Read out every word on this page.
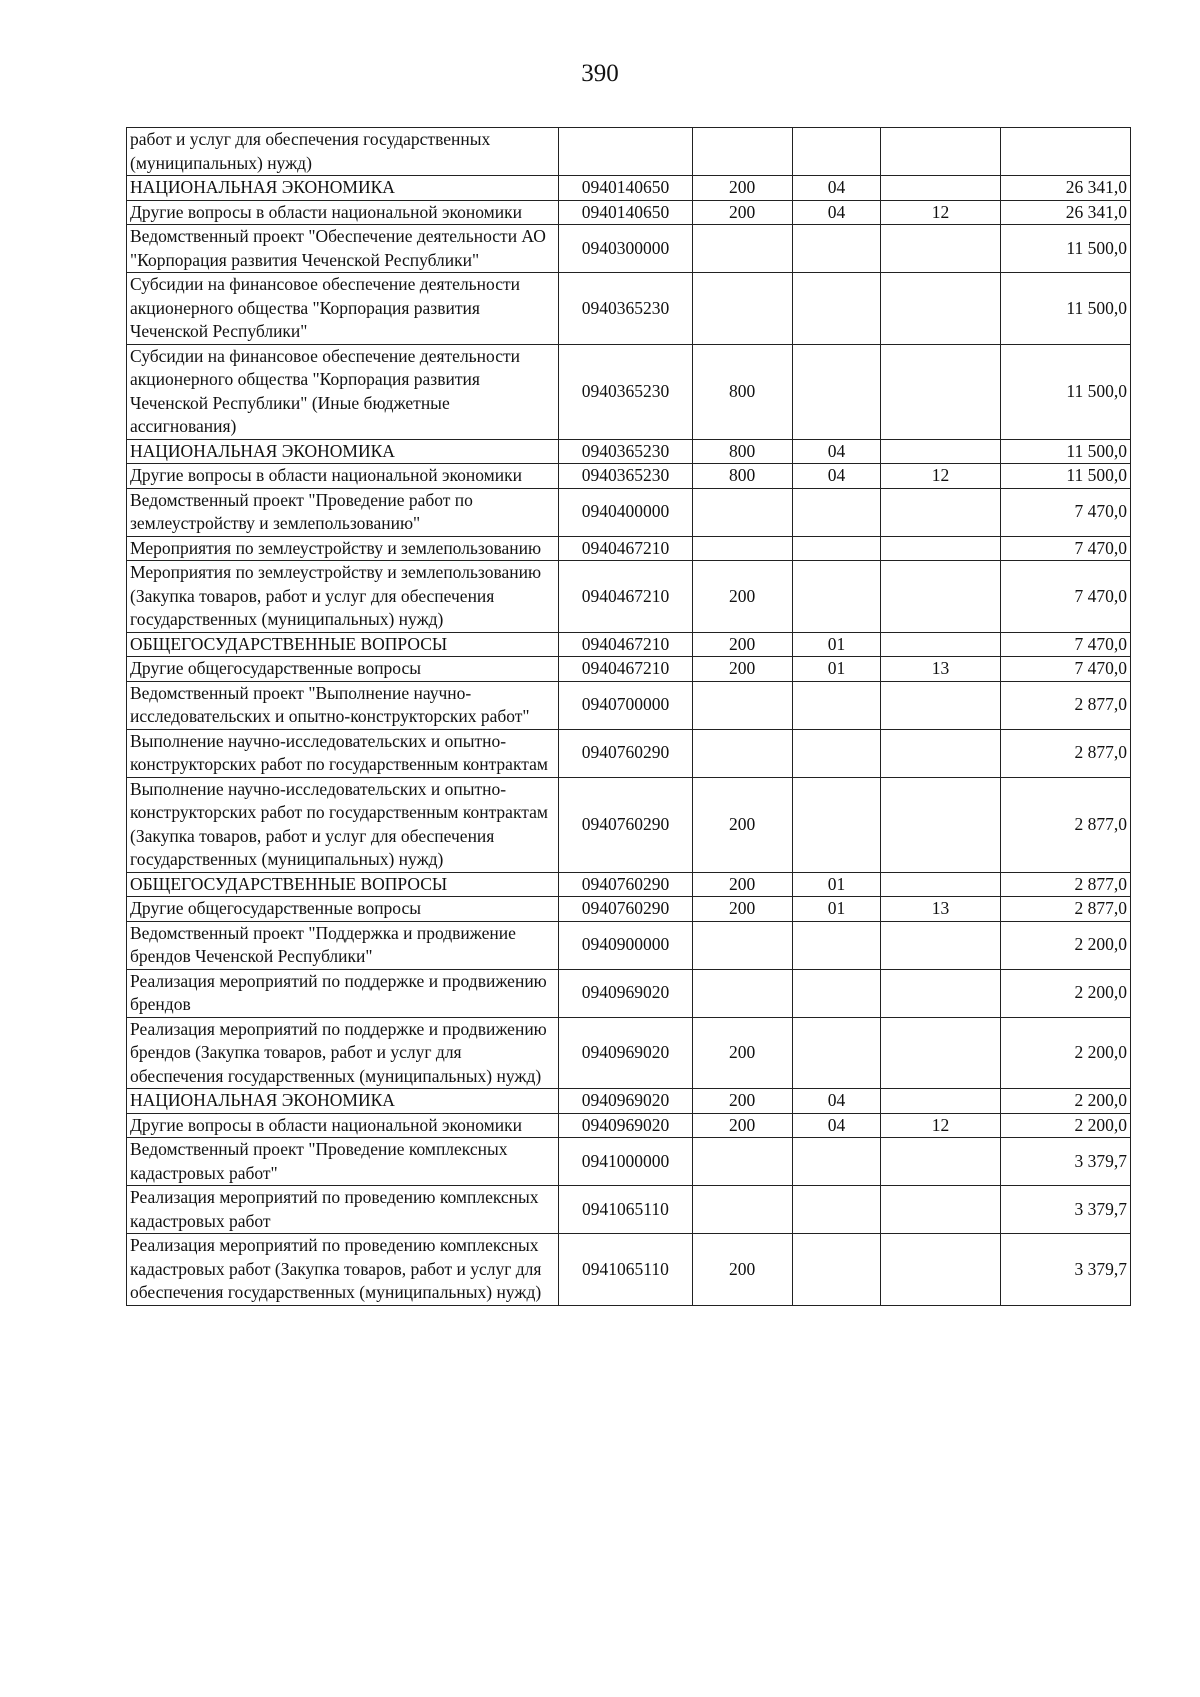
390
работ и услуг для обеспечения государственных (муниципальных) нужд)					
НАЦИОНАЛЬНАЯ ЭКОНОМИКА	0940140650	200	04		26 341,0
Другие вопросы в области национальной экономики	0940140650	200	04	12	26 341,0
Ведомственный проект "Обеспечение деятельности АО "Корпорация развития Чеченской Республики"	0940300000				11 500,0
Субсидии на финансовое обеспечение деятельности акционерного общества "Корпорация развития Чеченской Республики"	0940365230				11 500,0
Субсидии на финансовое обеспечение деятельности акционерного общества "Корпорация развития Чеченской Республики" (Иные бюджетные ассигнования)	0940365230	800			11 500,0
НАЦИОНАЛЬНАЯ ЭКОНОМИКА	0940365230	800	04		11 500,0
Другие вопросы в области национальной экономики	0940365230	800	04	12	11 500,0
Ведомственный проект "Проведение работ по землеустройству и землепользованию"	0940400000				7 470,0
Мероприятия по землеустройству и землепользованию	0940467210				7 470,0
Мероприятия по землеустройству и землепользованию (Закупка товаров, работ и услуг для обеспечения государственных (муниципальных) нужд)	0940467210	200			7 470,0
ОБЩЕГОСУДАРСТВЕННЫЕ ВОПРОСЫ	0940467210	200	01		7 470,0
Другие общегосударственные вопросы	0940467210	200	01	13	7 470,0
Ведомственный проект "Выполнение научно-исследовательских и опытно-конструкторских работ"	0940700000				2 877,0
Выполнение научно-исследовательских и опытно-конструкторских работ по государственным контрактам	0940760290				2 877,0
Выполнение научно-исследовательских и опытно-конструкторских работ по государственным контрактам (Закупка товаров, работ и услуг для обеспечения государственных (муниципальных) нужд)	0940760290	200			2 877,0
ОБЩЕГОСУДАРСТВЕННЫЕ ВОПРОСЫ	0940760290	200	01		2 877,0
Другие общегосударственные вопросы	0940760290	200	01	13	2 877,0
Ведомственный проект "Поддержка и продвижение брендов Чеченской Республики"	0940900000				2 200,0
Реализация мероприятий по поддержке и продвижению брендов	0940969020				2 200,0
Реализация мероприятий по поддержке и продвижению брендов (Закупка товаров, работ и услуг для обеспечения государственных (муниципальных) нужд)	0940969020	200			2 200,0
НАЦИОНАЛЬНАЯ ЭКОНОМИКА	0940969020	200	04		2 200,0
Другие вопросы в области национальной экономики	0940969020	200	04	12	2 200,0
Ведомственный проект "Проведение комплексных кадастровых работ"	0941000000				3 379,7
Реализация мероприятий по проведению комплексных кадастровых работ	0941065110				3 379,7
Реализация мероприятий по проведению комплексных кадастровых работ (Закупка товаров, работ и услуг для обеспечения государственных (муниципальных) нужд)	0941065110	200			3 379,7
